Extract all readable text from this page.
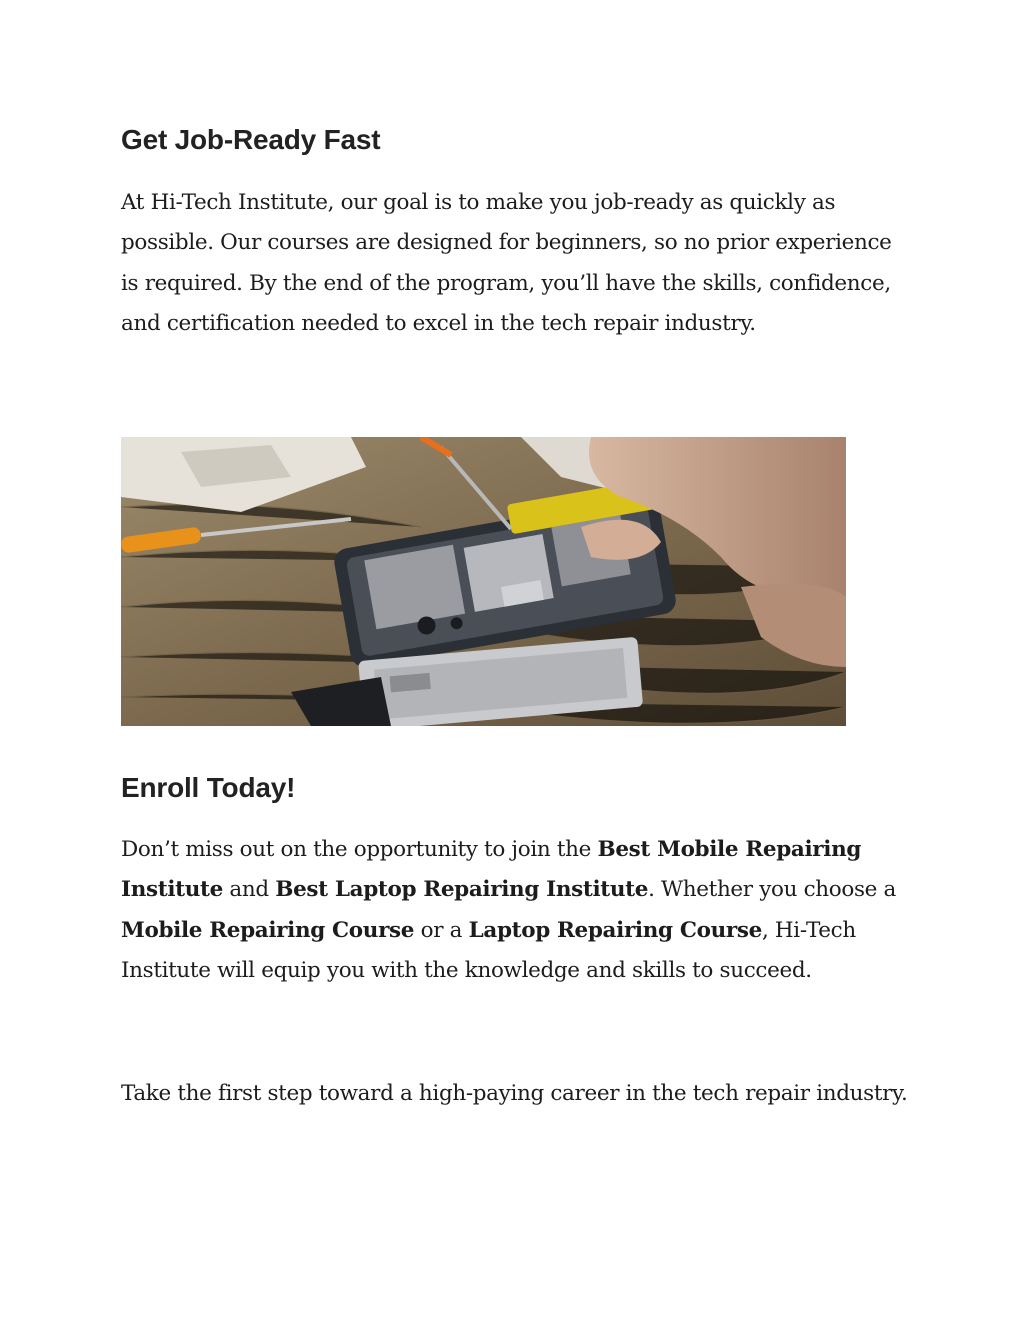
Get Job-Ready Fast

At Hi-Tech Institute, our goal is to make you job-ready as quickly as possible. Our courses are designed for beginners, so no prior experience is required. By the end of the program, you’ll have the skills, confidence, and certification needed to excel in the tech repair industry.

Enroll Today!

Don’t miss out on the opportunity to join the Best Mobile Repairing Institute and Best Laptop Repairing Institute. Whether you choose a Mobile Repairing Course or a Laptop Repairing Course, Hi-Tech Institute will equip you with the knowledge and skills to succeed.

Take the first step toward a high-paying career in the tech repair industry.
